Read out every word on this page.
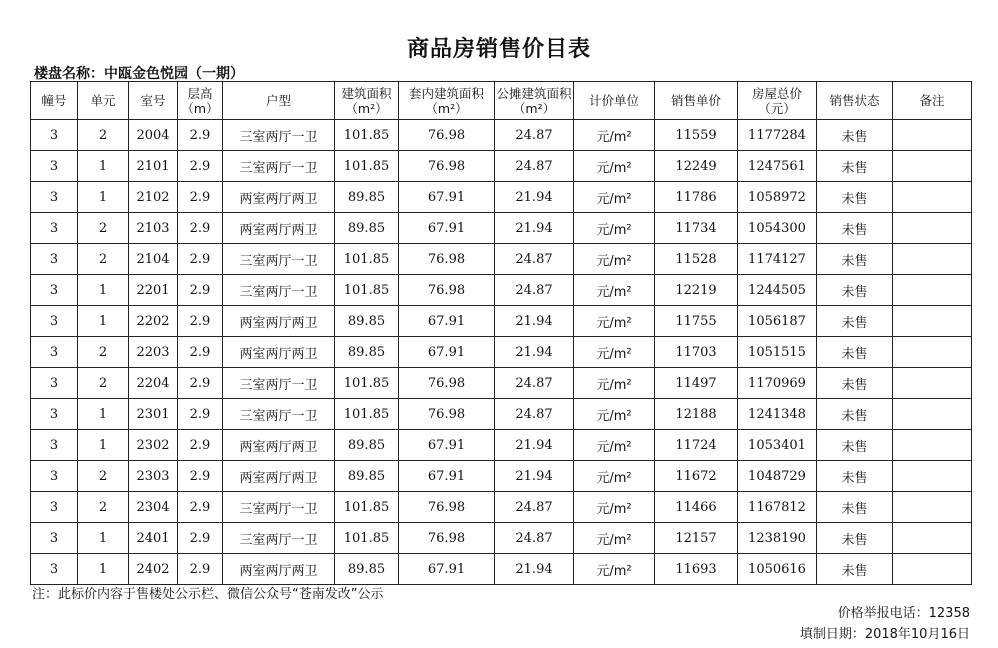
商品房销售价目表
楼盘名称：中瓯金色悦园（一期）
幢号	单元	室号	层高（m）	户型	建筑面积（m²）	套内建筑面积（m²）	公摊建筑面积（m²）	计价单位	销售单价	房屋总价（元）	销售状态	备注
3	2	2004	2.9	三室两厅一卫	101.85	76.98	24.87	元/m²	11559	1177284	未售	
3	1	2101	2.9	三室两厅一卫	101.85	76.98	24.87	元/m²	12249	1247561	未售	
3	1	2102	2.9	两室两厅两卫	89.85	67.91	21.94	元/m²	11786	1058972	未售	
3	2	2103	2.9	两室两厅两卫	89.85	67.91	21.94	元/m²	11734	1054300	未售	
3	2	2104	2.9	三室两厅一卫	101.85	76.98	24.87	元/m²	11528	1174127	未售	
3	1	2201	2.9	三室两厅一卫	101.85	76.98	24.87	元/m²	12219	1244505	未售	
3	1	2202	2.9	两室两厅两卫	89.85	67.91	21.94	元/m²	11755	1056187	未售	
3	2	2203	2.9	两室两厅两卫	89.85	67.91	21.94	元/m²	11703	1051515	未售	
3	2	2204	2.9	三室两厅一卫	101.85	76.98	24.87	元/m²	11497	1170969	未售	
3	1	2301	2.9	三室两厅一卫	101.85	76.98	24.87	元/m²	12188	1241348	未售	
3	1	2302	2.9	两室两厅两卫	89.85	67.91	21.94	元/m²	11724	1053401	未售	
3	2	2303	2.9	两室两厅两卫	89.85	67.91	21.94	元/m²	11672	1048729	未售	
3	2	2304	2.9	三室两厅一卫	101.85	76.98	24.87	元/m²	11466	1167812	未售	
3	1	2401	2.9	三室两厅一卫	101.85	76.98	24.87	元/m²	12157	1238190	未售	
3	1	2402	2.9	两室两厅两卫	89.85	67.91	21.94	元/m²	11693	1050616	未售	
注：此标价内容于售楼处公示栏、微信公众号“苍南发改”公示
价格举报电话：12358
填制日期：2018年10月16日
